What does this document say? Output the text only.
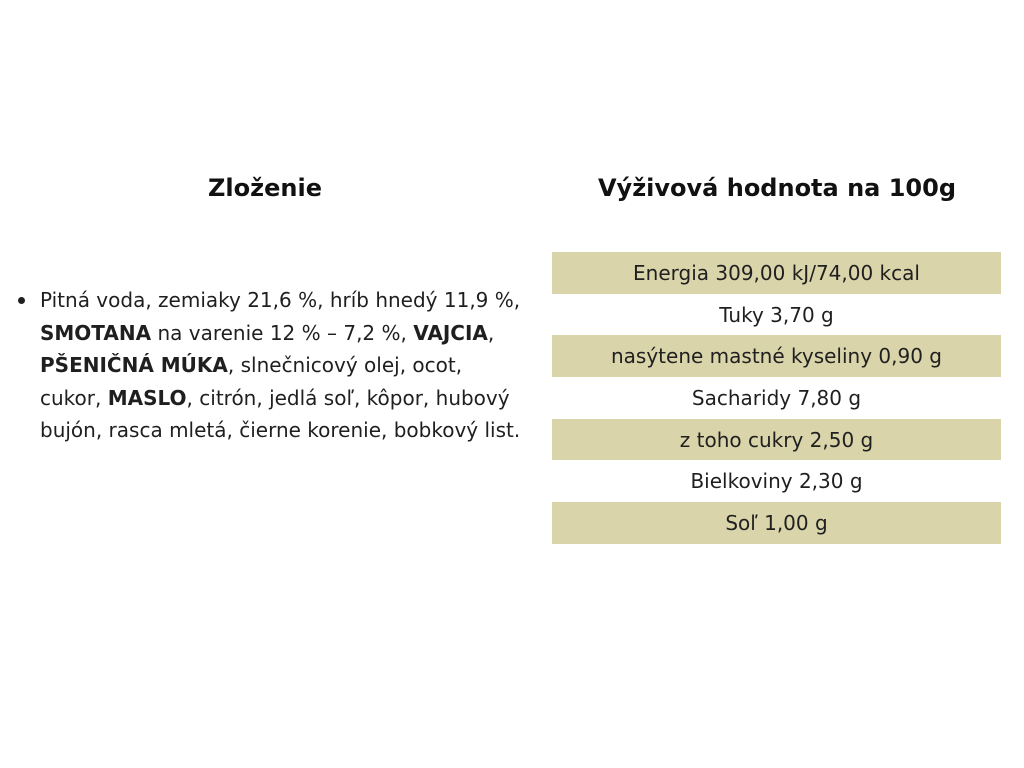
Zloženie	Výživová hodnota na 100g
Pitná voda, zemiaky 21,6 %, hríb hnedý 11,9 %, SMOTANA na varenie 12 % – 7,2 %, VAJCIA, PŠENIČNÁ MÚKA, slnečnicový olej, ocot, cukor, MASLO, citrón, jedlá soľ, kôpor, hubový bujón, rasca mletá, čierne korenie, bobkový list.
Energia 309,00 kJ/74,00 kcal
Tuky 3,70 g
nasýtene mastné kyseliny 0,90 g
Sacharidy 7,80 g
z toho cukry 2,50 g
Bielkoviny 2,30 g
Soľ 1,00 g
